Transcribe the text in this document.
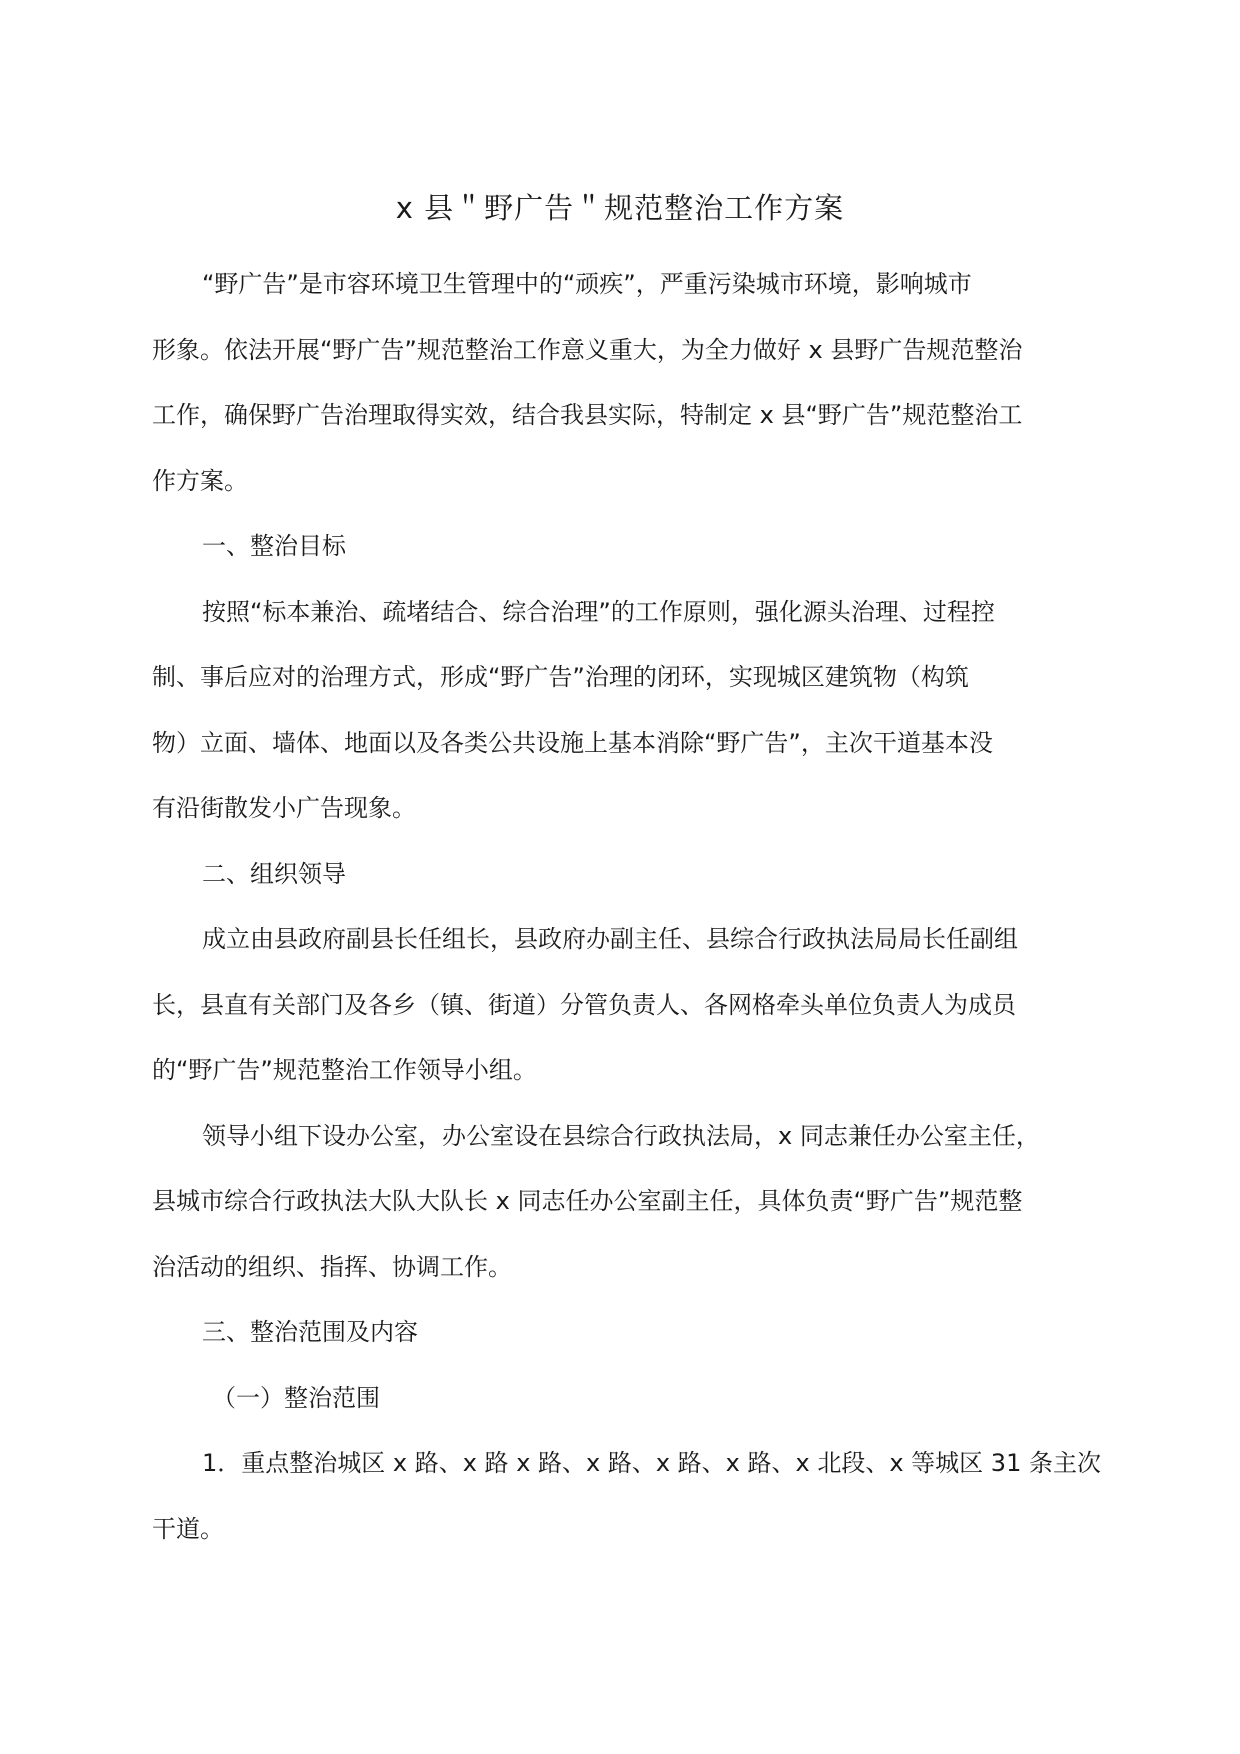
x 县＂野广告＂规范整治工作方案

“野广告”是市容环境卫生管理中的“顽疾”，严重污染城市环境，影响城市
形象。依法开展“野广告”规范整治工作意义重大，为全力做好 x 县野广告规范整治
工作，确保野广告治理取得实效，结合我县实际，特制定 x 县“野广告”规范整治工
作方案。

一、整治目标

按照“标本兼治、疏堵结合、综合治理”的工作原则，强化源头治理、过程控
制、事后应对的治理方式，形成“野广告”治理的闭环，实现城区建筑物（构筑
物）立面、墙体、地面以及各类公共设施上基本消除“野广告”，主次干道基本没
有沿街散发小广告现象。

二、组织领导

成立由县政府副县长任组长，县政府办副主任、县综合行政执法局局长任副组
长，县直有关部门及各乡（镇、街道）分管负责人、各网格牵头单位负责人为成员
的“野广告”规范整治工作领导小组。

领导小组下设办公室，办公室设在县综合行政执法局，x 同志兼任办公室主任，
县城市综合行政执法大队大队长 x 同志任办公室副主任，具体负责“野广告”规范整
治活动的组织、指挥、协调工作。

三、整治范围及内容

（一）整治范围

1．重点整治城区 x 路、x 路 x 路、x 路、x 路、x 路、x 北段、x 等城区 31 条主次
干道。
